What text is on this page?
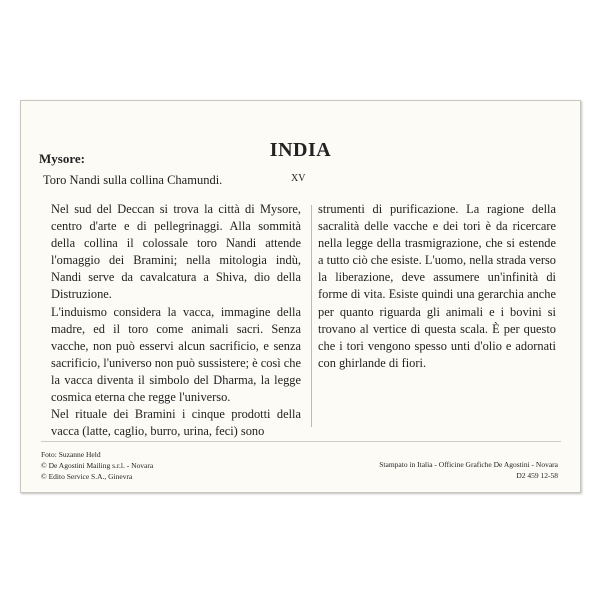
INDIA
Mysore:
Toro Nandi sulla collina Chamundi.	XV

Nel sud del Deccan si trova la città di Mysore, centro d'arte e di pellegrinaggi. Alla sommità della collina il colossale toro Nandi attende l'omaggio dei Bramini; nella mitologia indù, Nandi serve da cavalcatura a Shiva, dio della Distruzione.

L'induismo considera la vacca, immagine della madre, ed il toro come animali sacri. Senza vacche, non può esservi alcun sacrificio, e senza sacrificio, l'universo non può sussistere; è così che la vacca diventa il simbolo del Dharma, la legge cosmica eterna che regge l'universo.

Nel rituale dei Bramini i cinque prodotti della vacca (latte, caglio, burro, urina, feci) sono

strumenti di purificazione. La ragione della sacralità delle vacche e dei tori è da ricercare nella legge della trasmigrazione, che si estende a tutto ciò che esiste. L'uomo, nella strada verso la liberazione, deve assumere un'infinità di forme di vita. Esiste quindi una gerarchia anche per quanto riguarda gli animali e i bovini si trovano al vertice di questa scala. È per questo che i tori vengono spesso unti d'olio e adornati con ghirlande di fiori.

Foto: Suzanne Held
© De Agostini Mailing s.r.l. - Novara
© Edito Service S.A., Ginevra
Stampato in Italia - Officine Grafiche De Agostini - Novara
D2 459 12-58
